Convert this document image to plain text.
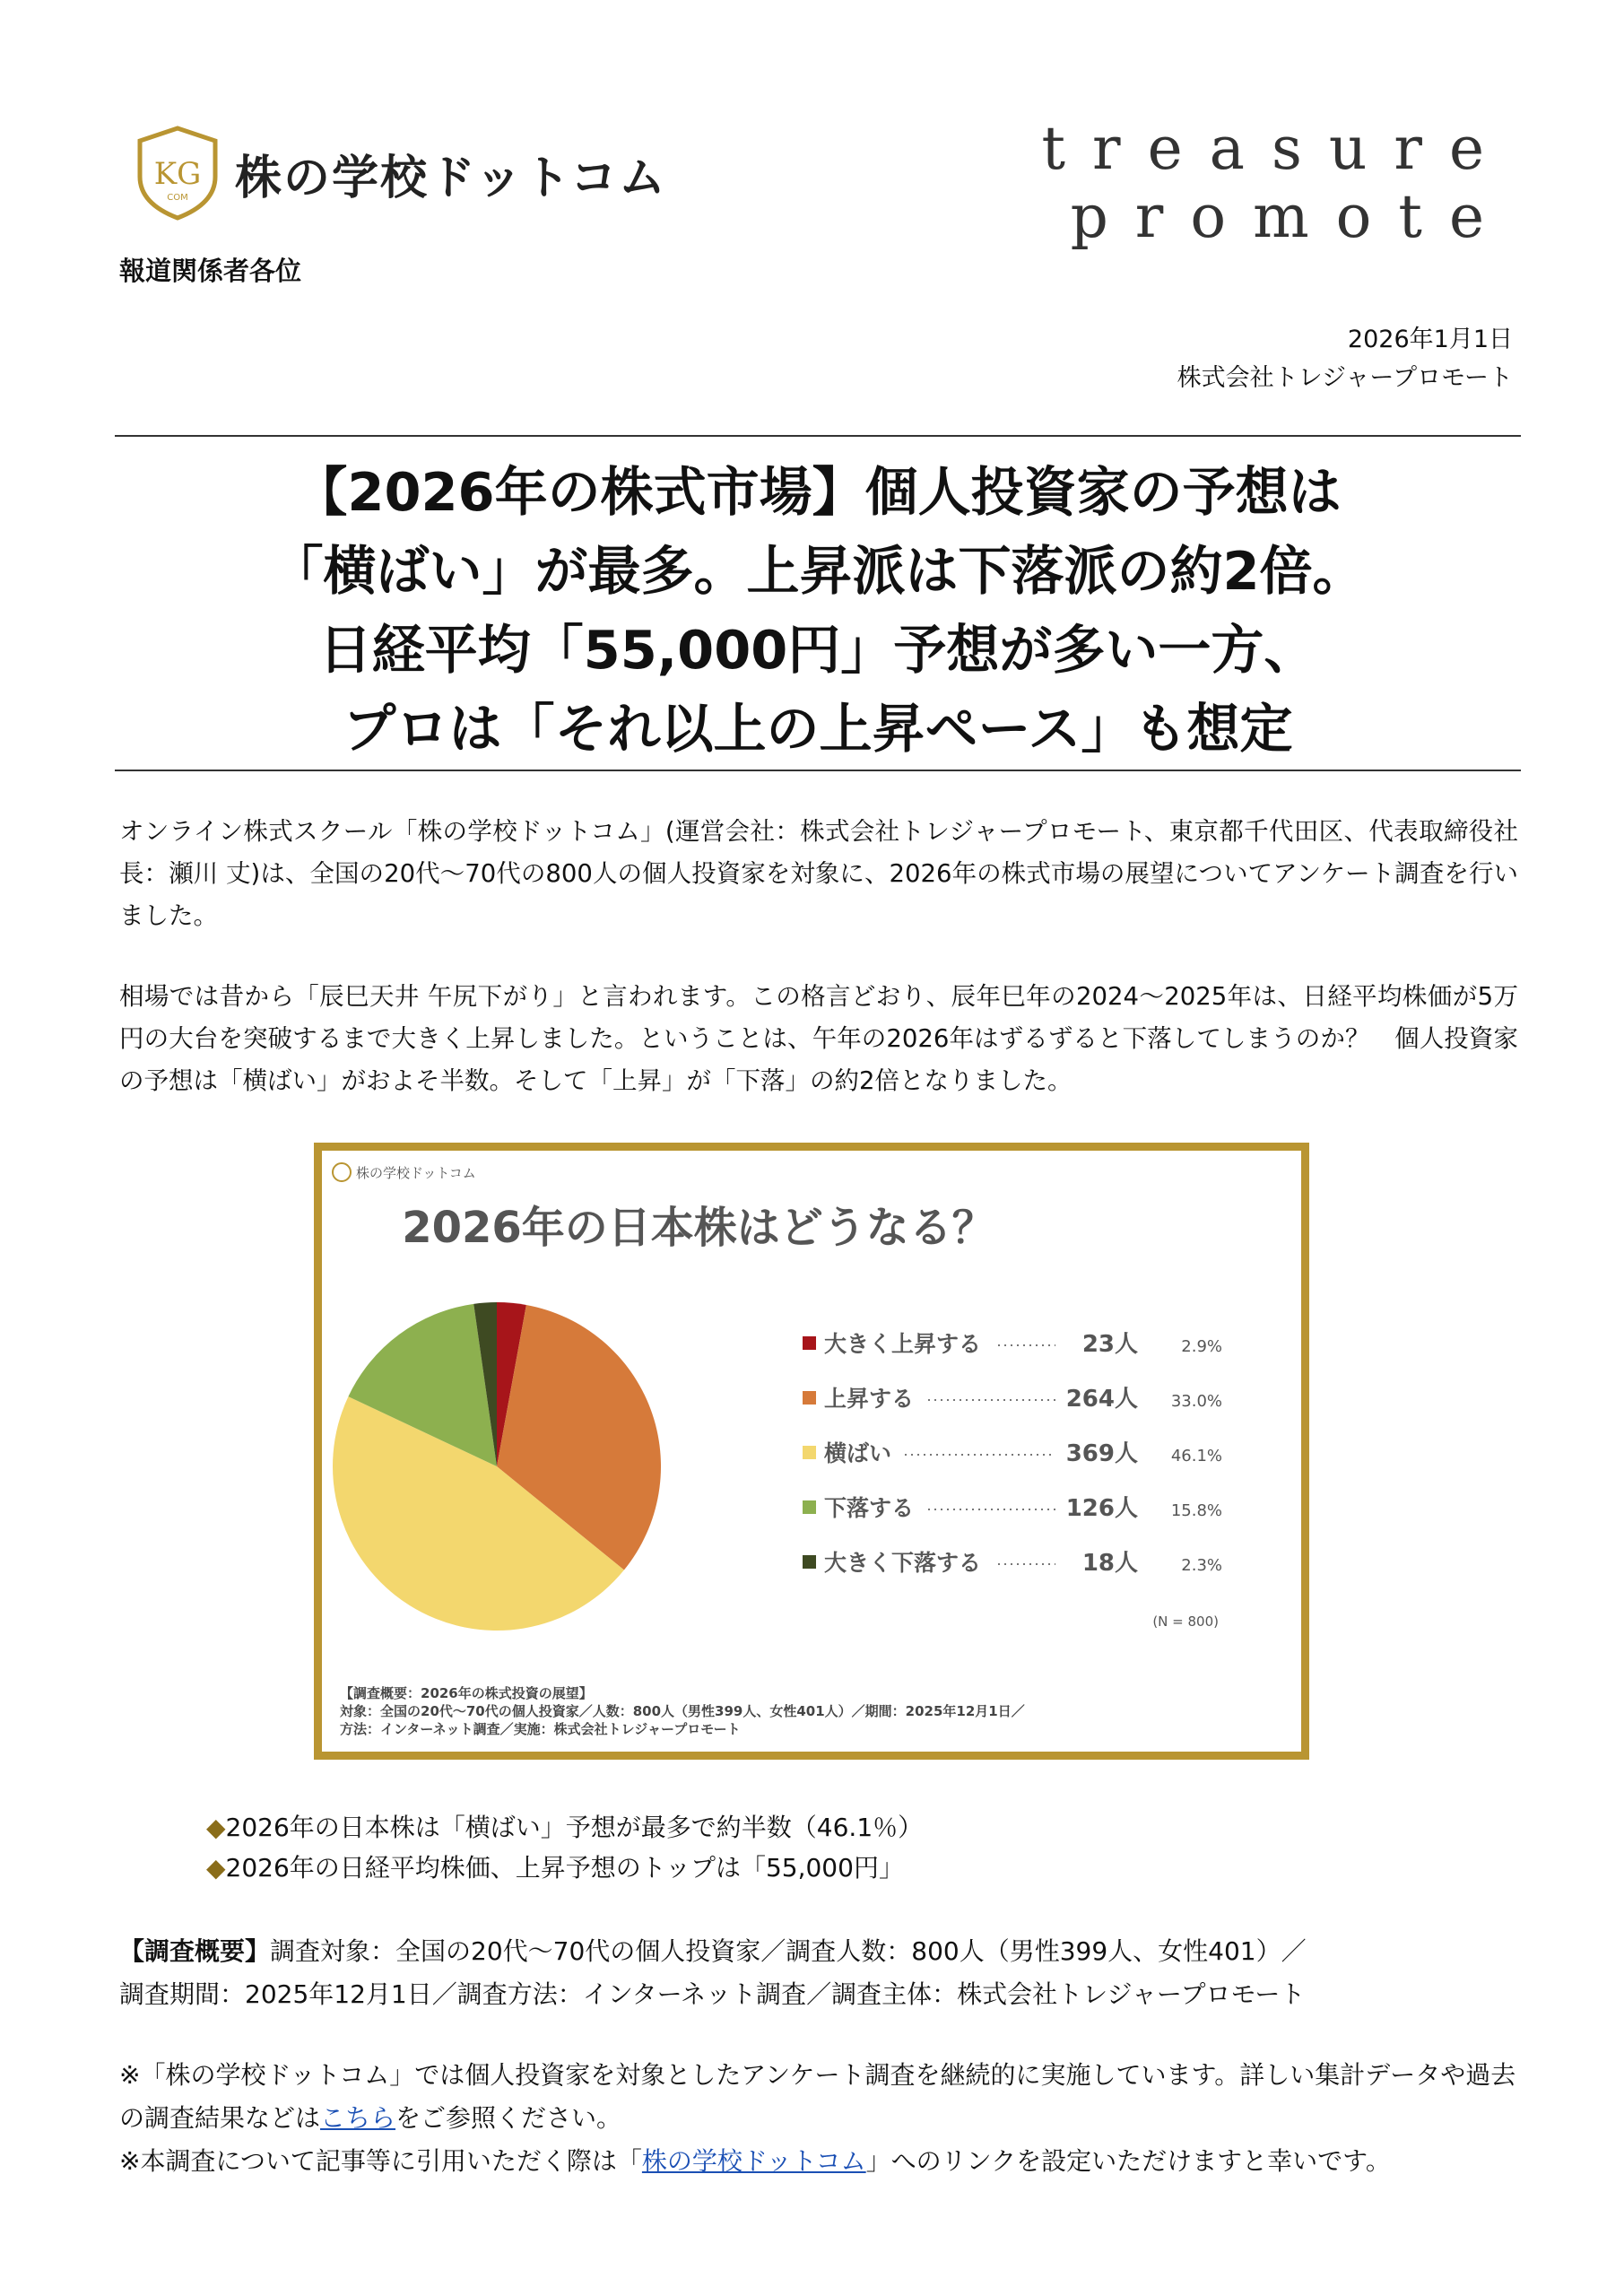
KG
COM 株の学校ドットコム	treasure
promote
報道関係者各位
2026年1月1日
株式会社トレジャープロモート
【2026年の株式市場】個人投資家の予想は
「横ばい」が最多。上昇派は下落派の約2倍。
日経平均「55,000円」予想が多い一方、
プロは「それ以上の上昇ペース」も想定
オンライン株式スクール「株の学校ドットコム」(運営会社：株式会社トレジャープロモート、東京都千代田区、代表取締役社長：瀬川 丈)は、全国の20代〜70代の800人の個人投資家を対象に、2026年の株式市場の展望についてアンケート調査を行いました。
相場では昔から「辰巳天井 午尻下がり」と言われます。この格言どおり、辰年巳年の2024〜2025年は、日経平均株価が5万円の大台を突破するまで大きく上昇しました。ということは、午年の2026年はずるずると下落してしまうのか？　個人投資家の予想は「横ばい」がおよそ半数。そして「上昇」が「下落」の約2倍となりました。
株の学校ドットコム
2026年の日本株はどうなる？
大きく上昇する	23人	2.9%
上昇する	264人 33.0%
横ばい	369人 46.1%
下落する	126人 15.8%
大きく下落する	18人	2.3%
(N = 800)
【調査概要：2026年の株式投資の展望】
対象：全国の20代〜70代の個人投資家／人数：800人（男性399人、女性401人）／期間：2025年12月1日／
方法：インターネット調査／実施：株式会社トレジャープロモート
◆2026年の日本株は「横ばい」予想が最多で約半数（46.1％）
◆2026年の日経平均株価、上昇予想のトップは「55,000円」
【調査概要】調査対象：全国の20代〜70代の個人投資家／調査人数：800人（男性399人、女性401）／
調査期間：2025年12月1日／調査方法：インターネット調査／調査主体：株式会社トレジャープロモート
※「株の学校ドットコム」では個人投資家を対象としたアンケート調査を継続的に実施しています。詳しい集計データや過去の調査結果などはこちらをご参照ください。
※本調査について記事等に引用いただく際は「株の学校ドットコム」へのリンクを設定いただけますと幸いです。
